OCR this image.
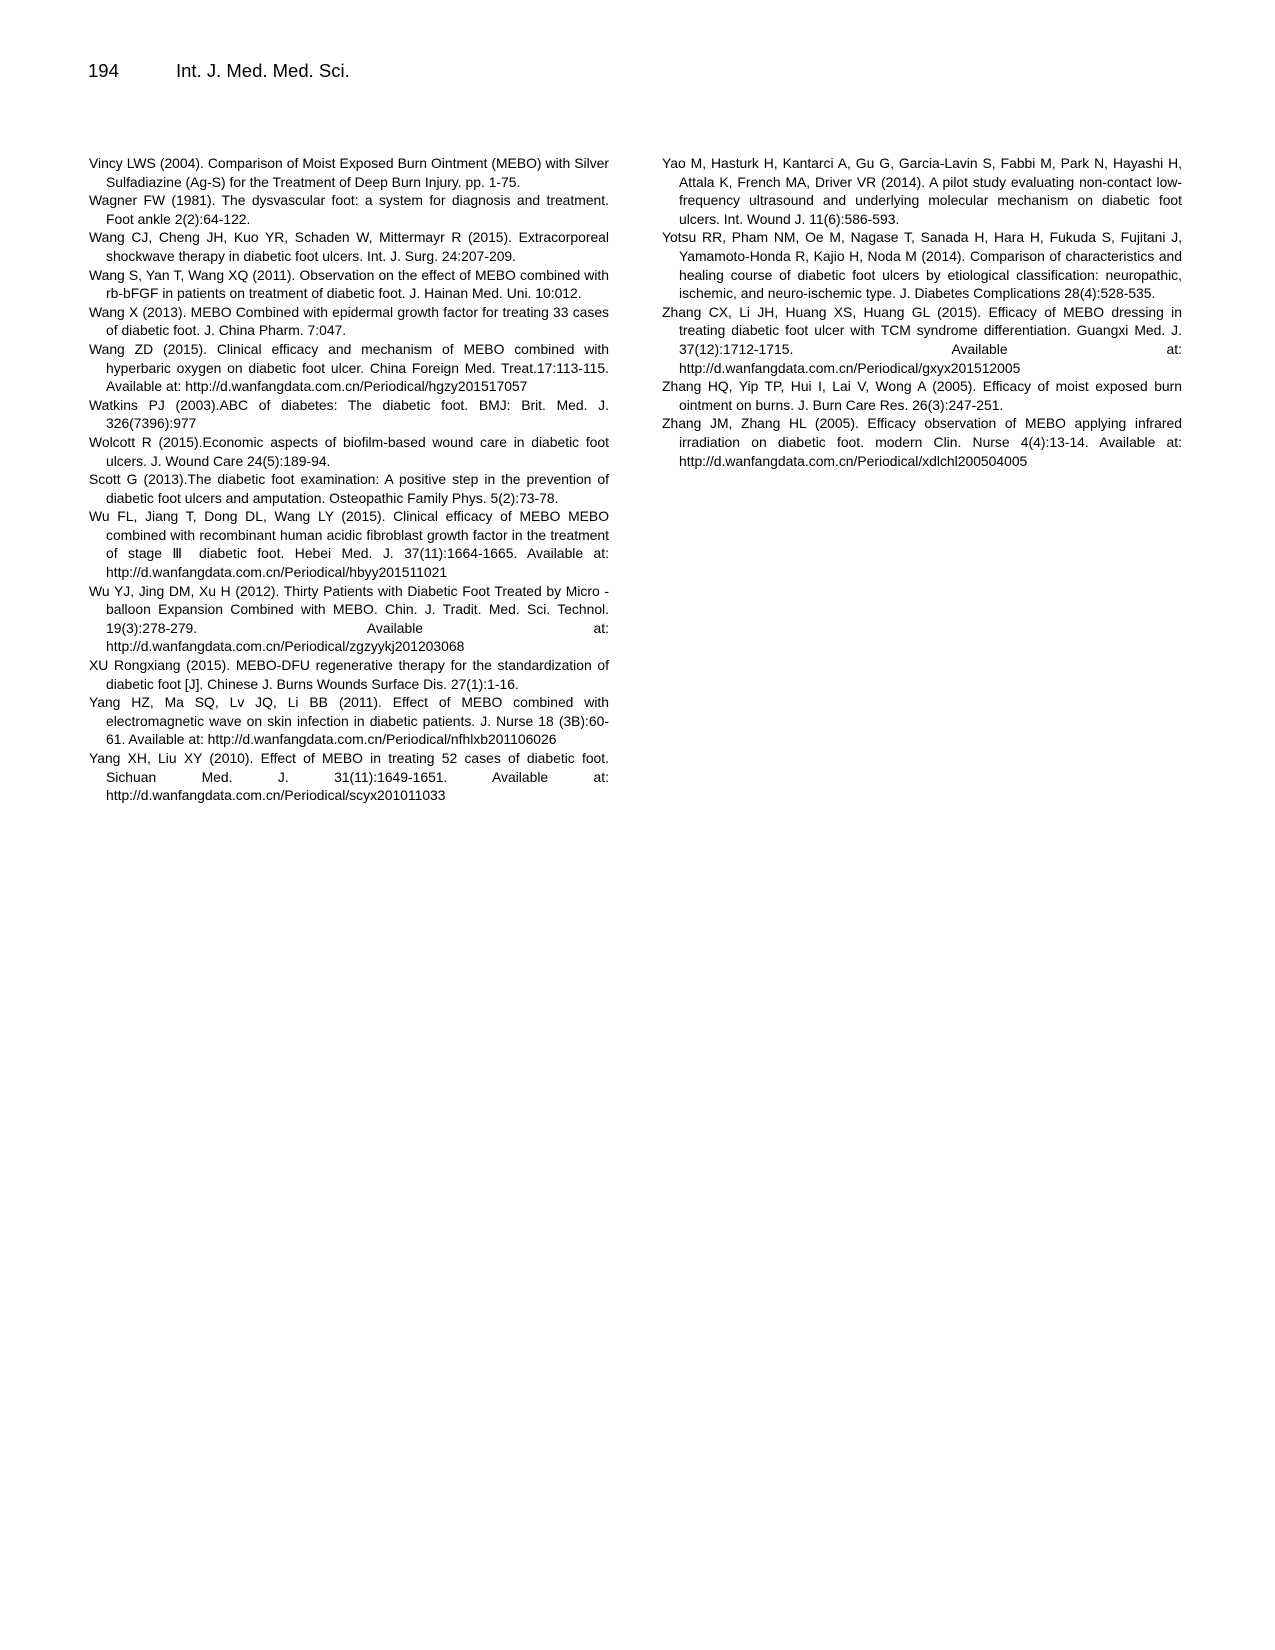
194	Int. J. Med. Med. Sci.

Vincy LWS (2004). Comparison of Moist Exposed Burn Ointment (MEBO) with Silver Sulfadiazine (Ag-S) for the Treatment of Deep Burn Injury. pp. 1-75.

Wagner FW (1981). The dysvascular foot: a system for diagnosis and treatment. Foot ankle 2(2):64-122.

Wang CJ, Cheng JH, Kuo YR, Schaden W, Mittermayr R (2015). Extracorporeal shockwave therapy in diabetic foot ulcers. Int. J. Surg. 24:207-209.

Wang S, Yan T, Wang XQ (2011). Observation on the effect of MEBO combined with rb-bFGF in patients on treatment of diabetic foot. J. Hainan Med. Uni. 10:012.

Wang X (2013). MEBO Combined with epidermal growth factor for treating 33 cases of diabetic foot. J. China Pharm. 7:047.

Wang ZD (2015). Clinical efficacy and mechanism of MEBO combined with hyperbaric oxygen on diabetic foot ulcer. China Foreign Med. Treat.17:113-115. Available at: http://d.wanfangdata.com.cn/Periodical/hgzy201517057

Watkins PJ (2003).ABC of diabetes: The diabetic foot. BMJ: Brit. Med. J. 326(7396):977

Wolcott R (2015).Economic aspects of biofilm-based wound care in diabetic foot ulcers. J. Wound Care 24(5):189-94.

Scott G (2013).The diabetic foot examination: A positive step in the prevention of diabetic foot ulcers and amputation. Osteopathic Family Phys. 5(2):73-78.

Wu FL, Jiang T, Dong DL, Wang LY (2015). Clinical efficacy of MEBO MEBO combined with recombinant human acidic fibroblast growth factor in the treatment of stage Ⅲ diabetic foot. Hebei Med. J. 37(11):1664-1665. Available at: http://d.wanfangdata.com.cn/Periodical/hbyy201511021

Wu YJ, Jing DM, Xu H (2012). Thirty Patients with Diabetic Foot Treated by Micro - balloon Expansion Combined with MEBO. Chin. J. Tradit. Med. Sci. Technol. 19(3):278-279. Available at: http://d.wanfangdata.com.cn/Periodical/zgzyykj201203068

XU Rongxiang (2015). MEBO-DFU regenerative therapy for the standardization of diabetic foot [J]. Chinese J. Burns Wounds Surface Dis. 27(1):1-16.

Yang HZ, Ma SQ, Lv JQ, Li BB (2011). Effect of MEBO combined with electromagnetic wave on skin infection in diabetic patients. J. Nurse 18 (3B):60-61. Available at: http://d.wanfangdata.com.cn/Periodical/nfhlxb201106026

Yang XH, Liu XY (2010). Effect of MEBO in treating 52 cases of diabetic foot. Sichuan Med. J. 31(11):1649-1651. Available at: http://d.wanfangdata.com.cn/Periodical/scyx201011033

Yao M, Hasturk H, Kantarci A, Gu G, Garcia-Lavin S, Fabbi M, Park N, Hayashi H, Attala K, French MA, Driver VR (2014). A pilot study evaluating non-contact low-frequency ultrasound and underlying molecular mechanism on diabetic foot ulcers. Int. Wound J. 11(6):586-593.

Yotsu RR, Pham NM, Oe M, Nagase T, Sanada H, Hara H, Fukuda S, Fujitani J, Yamamoto-Honda R, Kajio H, Noda M (2014). Comparison of characteristics and healing course of diabetic foot ulcers by etiological classification: neuropathic, ischemic, and neuro-ischemic type. J. Diabetes Complications 28(4):528-535.

Zhang CX, Li JH, Huang XS, Huang GL (2015). Efficacy of MEBO dressing in treating diabetic foot ulcer with TCM syndrome differentiation. Guangxi Med. J. 37(12):1712-1715. Available at: http://d.wanfangdata.com.cn/Periodical/gxyx201512005

Zhang HQ, Yip TP, Hui I, Lai V, Wong A (2005). Efficacy of moist exposed burn ointment on burns. J. Burn Care Res. 26(3):247-251.

Zhang JM, Zhang HL (2005). Efficacy observation of MEBO applying infrared irradiation on diabetic foot. modern Clin. Nurse 4(4):13-14. Available at: http://d.wanfangdata.com.cn/Periodical/xdlchl200504005
